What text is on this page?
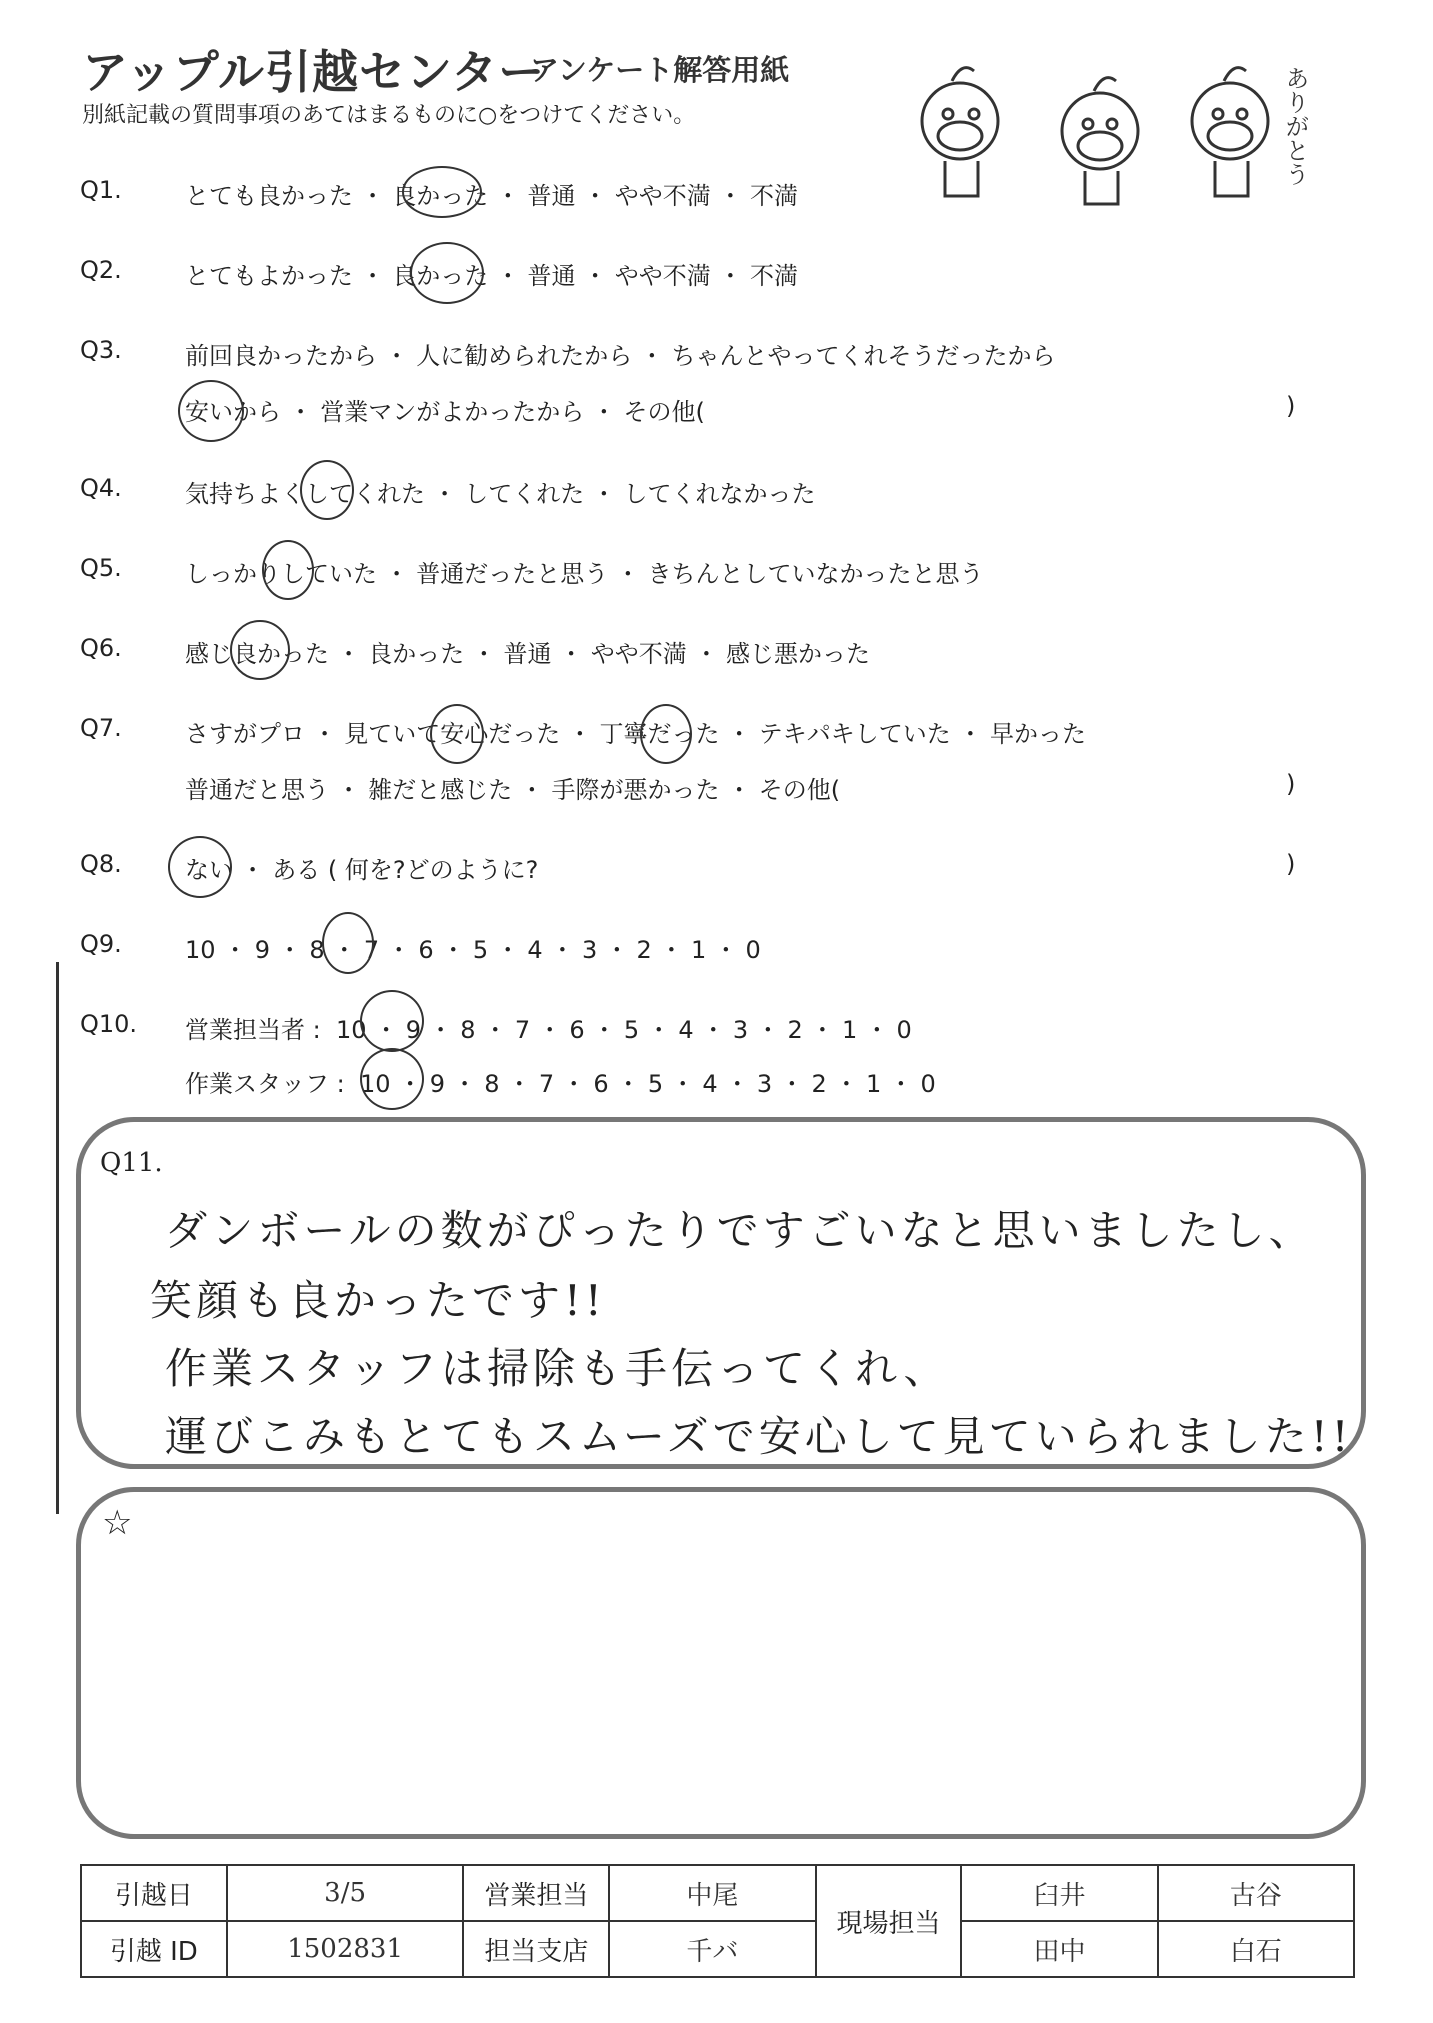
アップル引越センター
アンケート解答用紙
別紙記載の質問事項のあてはまるものに○をつけてください。	ありがとう
Q1.	とても良かった ・ 良かった ・ 普通 ・ やや不満 ・ 不満
Q2.	とてもよかった ・ 良かった ・ 普通 ・ やや不満 ・ 不満
Q3.	前回良かったから ・ 人に勧められたから ・ ちゃんとやってくれそうだったから
安いから ・ 営業マンがよかったから ・ その他(	)
Q4.	気持ちよくしてくれた ・ してくれた ・ してくれなかった
Q5.	しっかりしていた ・ 普通だったと思う ・ きちんとしていなかったと思う
Q6.	感じ良かった ・ 良かった ・ 普通 ・ やや不満 ・ 感じ悪かった
Q7.	さすがプロ ・ 見ていて安心だった ・ 丁寧だった ・ テキパキしていた ・ 早かった
普通だと思う ・ 雑だと感じた ・ 手際が悪かった ・ その他(	)
Q8.	ない ・ ある ( 何を?どのように?	)
Q9.	10 ・ 9 ・ 8 ・ 7 ・ 6 ・ 5 ・ 4 ・ 3 ・ 2 ・ 1 ・ 0
Q10. 営業担当者 :  10 ・ 9 ・ 8 ・ 7 ・ 6 ・ 5 ・ 4 ・ 3 ・ 2 ・ 1 ・ 0
作業スタッフ :  10 ・ 9 ・ 8 ・ 7 ・ 6 ・ 5 ・ 4 ・ 3 ・ 2 ・ 1 ・ 0
Q11.
ダンボールの数がぴったりですごいなと思いましたし、
笑顔も良かったです!!
作業スタッフは掃除も手伝ってくれ、
運びこみもとてもスムーズで安心して見ていられました!!
☆
引越日	3/5	営業担当	中尾	現場担当	臼井	古谷
引越 ID	1502831	担当支店	千バ		田中	白石
